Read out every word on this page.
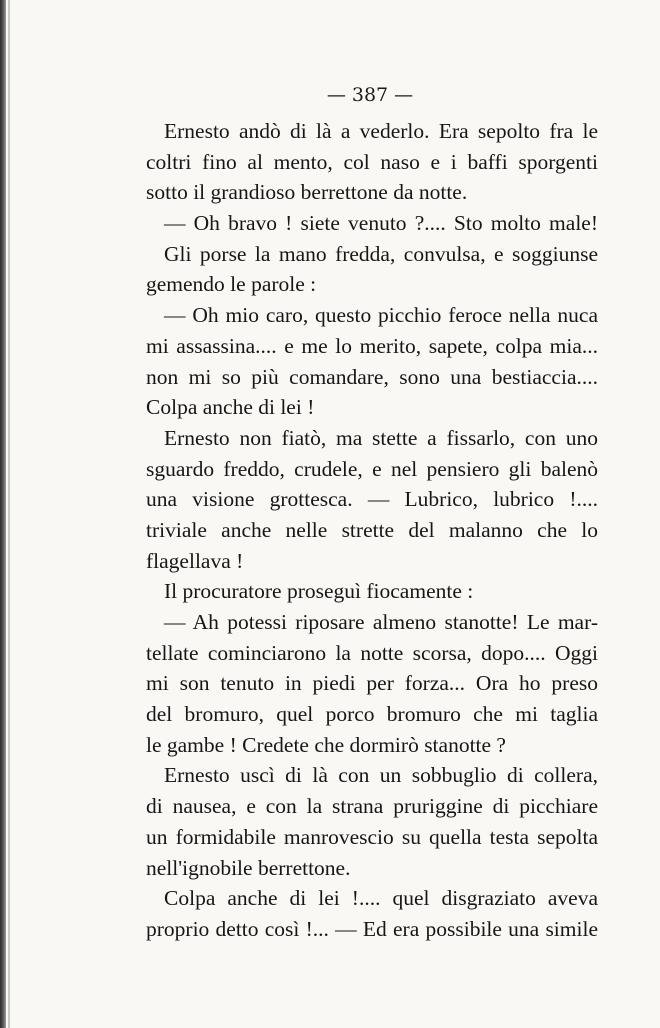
— 387 —
Ernesto andò di là a vederlo. Era sepolto fra le
coltri fino al mento, col naso e i baffi sporgenti
sotto il grandioso berrettone da notte.
— Oh bravo ! siete venuto ?.... Sto molto male!
Gli porse la mano fredda, convulsa, e soggiunse
gemendo le parole :
— Oh mio caro, questo picchio feroce nella nuca
mi assassina.... e me lo merito, sapete, colpa mia...
non mi so più comandare, sono una bestiaccia....
Colpa anche di lei !
Ernesto non fiatò, ma stette a fissarlo, con uno
sguardo freddo, crudele, e nel pensiero gli balenò
una visione grottesca. — Lubrico, lubrico !....
triviale anche nelle strette del malanno che lo
flagellava !
Il procuratore proseguì fiocamente :
— Ah potessi riposare almeno stanotte! Le mar-
tellate cominciarono la notte scorsa, dopo.... Oggi
mi son tenuto in piedi per forza... Ora ho preso
del bromuro, quel porco bromuro che mi taglia
le gambe ! Credete che dormirò stanotte ?
Ernesto uscì di là con un sobbuglio di collera,
di nausea, e con la strana pruriggine di picchiare
un formidabile manrovescio su quella testa sepolta
nell'ignobile berrettone.
Colpa anche di lei !.... quel disgraziato aveva
proprio detto così !... — Ed era possibile una simile
